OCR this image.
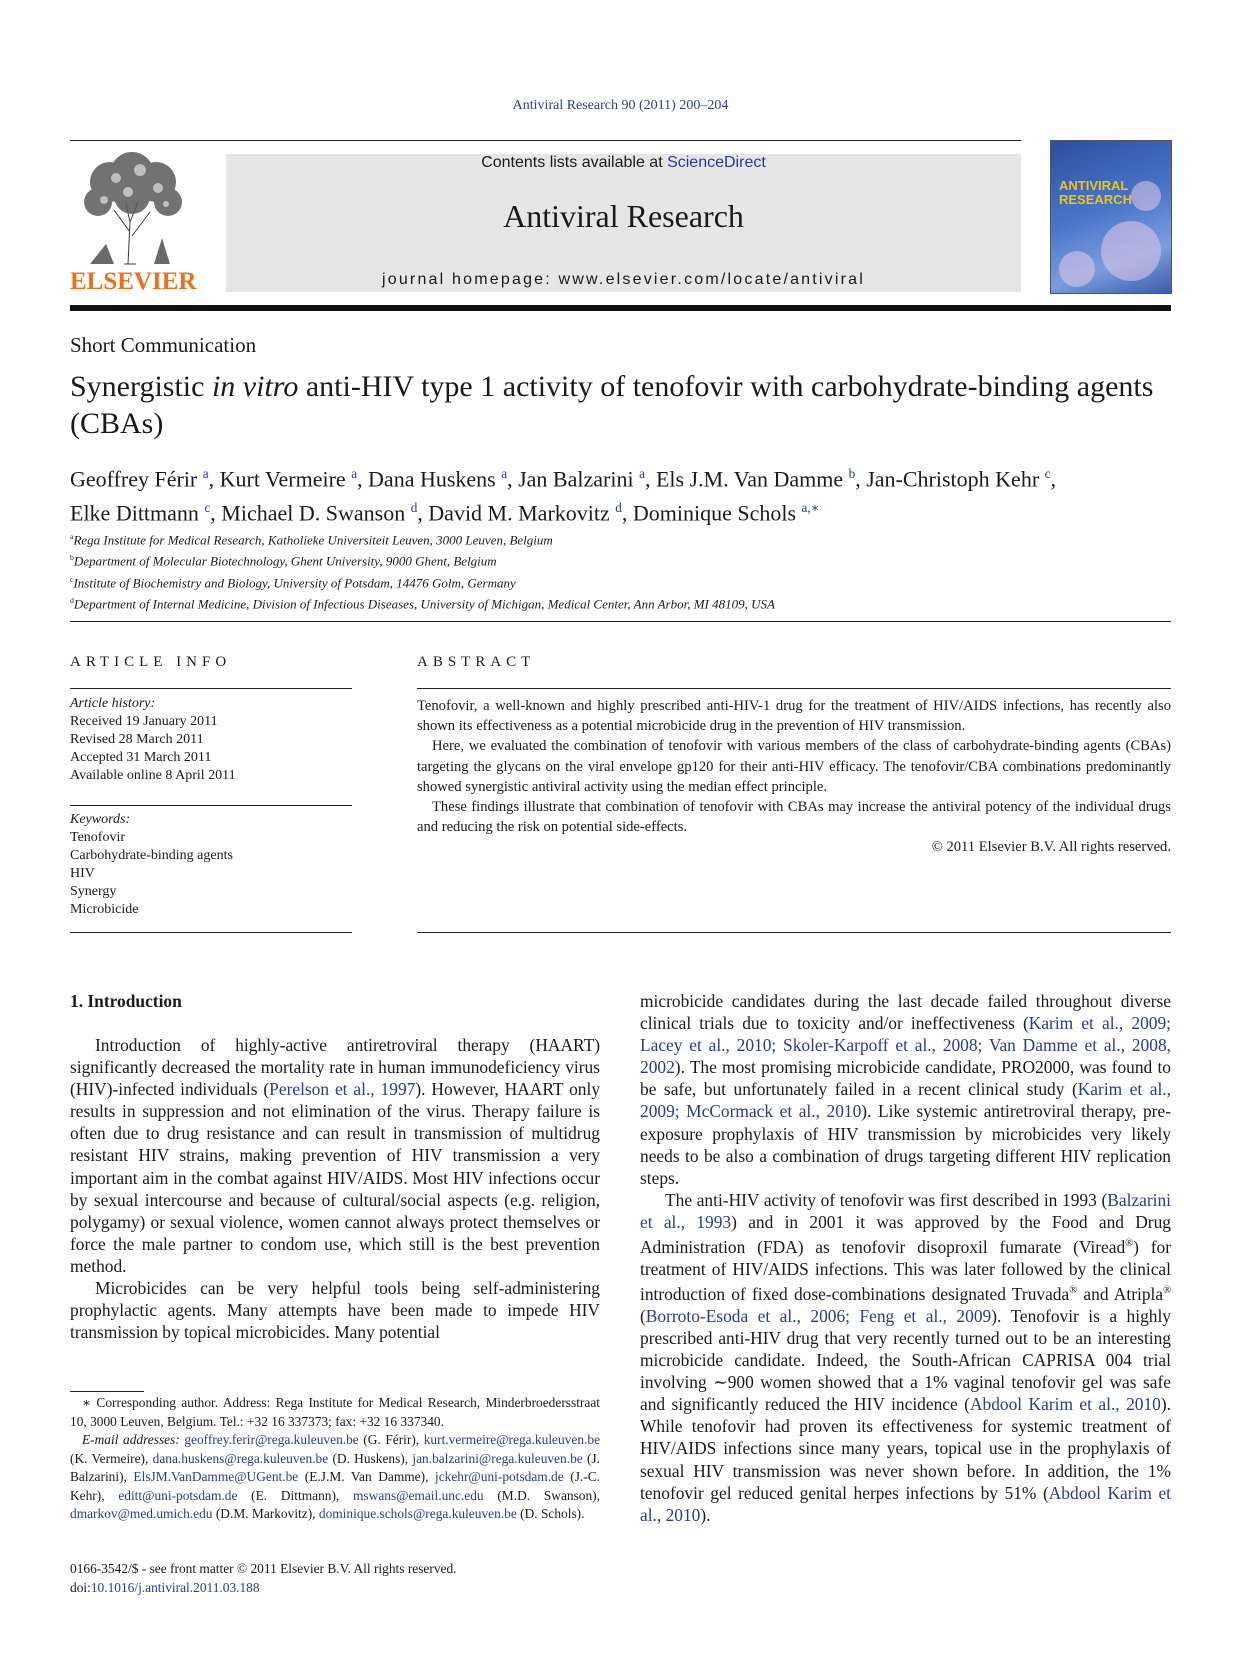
Antiviral Research 90 (2011) 200–204
ELSEVIER
Contents lists available at ScienceDirect
Antiviral Research
journal homepage: www.elsevier.com/locate/antiviral
ANTIVIRAL
RESEARCH
Short Communication
Synergistic in vitro anti-HIV type 1 activity of tenofovir with carbohydrate-binding agents (CBAs)
Geoffrey Férir $^a$, Kurt Vermeire $^a$, Dana Huskens $^a$, Jan Balzarini $^a$, Els J.M. Van Damme $^b$, Jan-Christoph Kehr $^c$,
Elke Dittmann $^c$, Michael D. Swanson $^d$, David M. Markovitz $^d$, Dominique Schols $^{a,∗}$
$^a$Rega Institute for Medical Research, Katholieke Universiteit Leuven, 3000 Leuven, Belgium
$^b$Department of Molecular Biotechnology, Ghent University, 9000 Ghent, Belgium
$^c$Institute of Biochemistry and Biology, University of Potsdam, 14476 Golm, Germany
$^d$Department of Internal Medicine, Division of Infectious Diseases, University of Michigan, Medical Center, Ann Arbor, MI 48109, USA
ARTICLE INFO
Article history:
Received 19 January 2011
Revised 28 March 2011
Accepted 31 March 2011
Available online 8 April 2011
Keywords:
Tenofovir
Carbohydrate-binding agents
HIV
Synergy
Microbicide
ABSTRACT

Tenofovir, a well-known and highly prescribed anti-HIV-1 drug for the treatment of HIV/AIDS infections, has recently also shown its effectiveness as a potential microbicide drug in the prevention of HIV transmission.

Here, we evaluated the combination of tenofovir with various members of the class of carbohydrate-binding agents (CBAs) targeting the glycans on the viral envelope gp120 for their anti-HIV efficacy. The tenofovir/CBA combinations predominantly showed synergistic antiviral activity using the median effect principle.

These findings illustrate that combination of tenofovir with CBAs may increase the antiviral potency of the individual drugs and reducing the risk on potential side-effects.

© 2011 Elsevier B.V. All rights reserved.
1. Introduction

Introduction of highly-active antiretroviral therapy (HAART) significantly decreased the mortality rate in human immunodeficiency virus (HIV)-infected individuals (Perelson et al., 1997). However, HAART only results in suppression and not elimination of the virus. Therapy failure is often due to drug resistance and can result in transmission of multidrug resistant HIV strains, making prevention of HIV transmission a very important aim in the combat against HIV/AIDS. Most HIV infections occur by sexual intercourse and because of cultural/social aspects (e.g. religion, polygamy) or sexual violence, women cannot always protect themselves or force the male partner to condom use, which still is the best prevention method.

Microbicides can be very helpful tools being self-administering prophylactic agents. Many attempts have been made to impede HIV transmission by topical microbicides. Many potential

microbicide candidates during the last decade failed throughout diverse clinical trials due to toxicity and/or ineffectiveness (Karim et al., 2009; Lacey et al., 2010; Skoler-Karpoff et al., 2008; Van Damme et al., 2008, 2002). The most promising microbicide candidate, PRO2000, was found to be safe, but unfortunately failed in a recent clinical study (Karim et al., 2009; McCormack et al., 2010). Like systemic antiretroviral therapy, pre-exposure prophylaxis of HIV transmission by microbicides very likely needs to be also a combination of drugs targeting different HIV replication steps.

The anti-HIV activity of tenofovir was first described in 1993 (Balzarini et al., 1993) and in 2001 it was approved by the Food and Drug Administration (FDA) as tenofovir disoproxil fumarate (Viread®) for treatment of HIV/AIDS infections. This was later followed by the clinical introduction of fixed dose-combinations designated Truvada® and Atripla® (Borroto-Esoda et al., 2006; Feng et al., 2009). Tenofovir is a highly prescribed anti-HIV drug that very recently turned out to be an interesting microbicide candidate. Indeed, the South-African CAPRISA 004 trial involving ∼900 women showed that a 1% vaginal tenofovir gel was safe and significantly reduced the HIV incidence (Abdool Karim et al., 2010). While tenofovir had proven its effectiveness for systemic treatment of HIV/AIDS infections since many years, topical use in the prophylaxis of sexual HIV transmission was never shown before. In addition, the 1% tenofovir gel reduced genital herpes infections by 51% (Abdool Karim et al., 2010).

∗ Corresponding author. Address: Rega Institute for Medical Research, Minderbroedersstraat 10, 3000 Leuven, Belgium. Tel.: +32 16 337373; fax: +32 16 337340.

E-mail addresses: geoffrey.ferir@rega.kuleuven.be (G. Férir), kurt.vermeire@rega.kuleuven.be (K. Vermeire), dana.huskens@rega.kuleuven.be (D. Huskens), jan.balzarini@rega.kuleuven.be (J. Balzarini), ElsJM.VanDamme@UGent.be (E.J.M. Van Damme), jckehr@uni-potsdam.de (J.-C. Kehr), editt@uni-potsdam.de (E. Dittmann), mswans@email.unc.edu (M.D. Swanson), dmarkov@med.umich.edu (D.M. Markovitz), dominique.schols@rega.kuleuven.be (D. Schols).

0166-3542/$ - see front matter © 2011 Elsevier B.V. All rights reserved.
doi:10.1016/j.antiviral.2011.03.188
